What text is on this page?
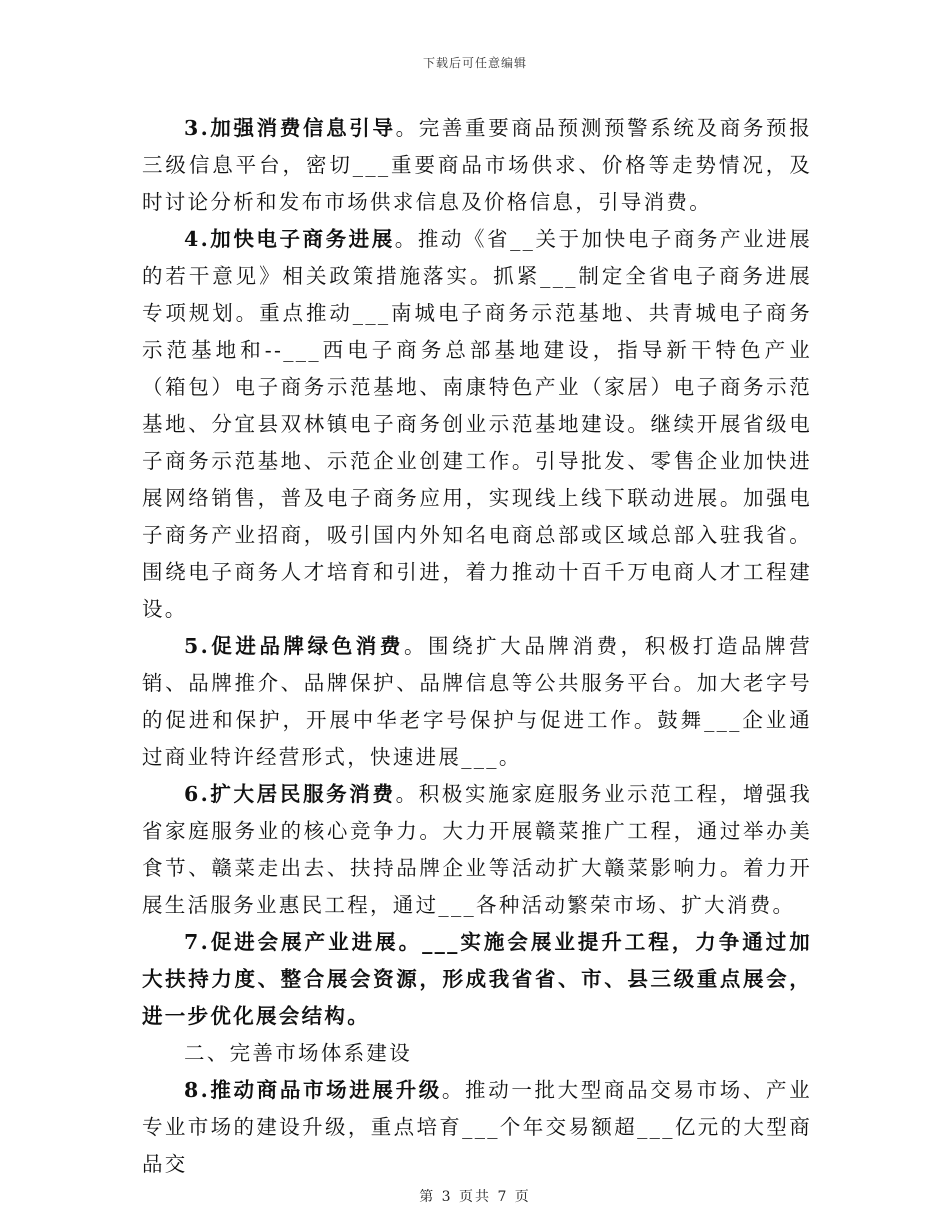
下载后可任意编辑

3.加强消费信息引导。完善重要商品预测预警系统及商务预报三级信息平台，密切___重要商品市场供求、价格等走势情况，及时讨论分析和发布市场供求信息及价格信息，引导消费。

4.加快电子商务进展。推动《省__关于加快电子商务产业进展的若干意见》相关政策措施落实。抓紧___制定全省电子商务进展专项规划。重点推动___南城电子商务示范基地、共青城电子商务示范基地和--___西电子商务总部基地建设，指导新干特色产业（箱包）电子商务示范基地、南康特色产业（家居）电子商务示范基地、分宜县双林镇电子商务创业示范基地建设。继续开展省级电子商务示范基地、示范企业创建工作。引导批发、零售企业加快进展网络销售，普及电子商务应用，实现线上线下联动进展。加强电子商务产业招商，吸引国内外知名电商总部或区域总部入驻我省。围绕电子商务人才培育和引进，着力推动十百千万电商人才工程建设。

5.促进品牌绿色消费。围绕扩大品牌消费，积极打造品牌营销、品牌推介、品牌保护、品牌信息等公共服务平台。加大老字号的促进和保护，开展中华老字号保护与促进工作。鼓舞___企业通过商业特许经营形式，快速进展___。

6.扩大居民服务消费。积极实施家庭服务业示范工程，增强我省家庭服务业的核心竞争力。大力开展赣菜推广工程，通过举办美食节、赣菜走出去、扶持品牌企业等活动扩大赣菜影响力。着力开展生活服务业惠民工程，通过___各种活动繁荣市场、扩大消费。

7.促进会展产业进展。___实施会展业提升工程，力争通过加大扶持力度、整合展会资源，形成我省省、市、县三级重点展会，进一步优化展会结构。

二、完善市场体系建设

8.推动商品市场进展升级。推动一批大型商品交易市场、产业专业市场的建设升级，重点培育___个年交易额超___亿元的大型商品交

第 3 页共 7 页
